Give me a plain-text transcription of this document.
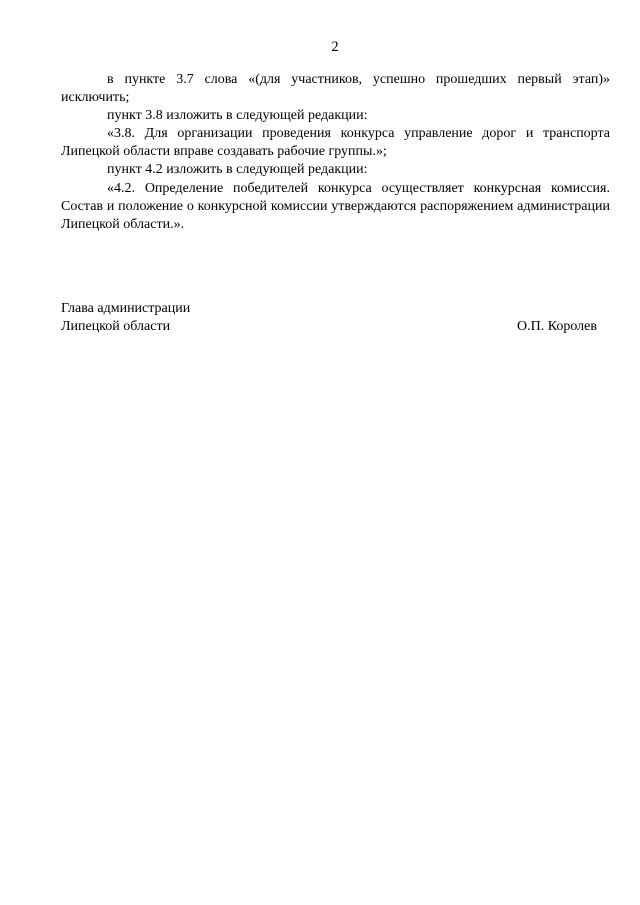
2

в пункте 3.7 слова «(для участников, успешно прошедших первый этап)» исключить;

пункт 3.8 изложить в следующей редакции:

«3.8. Для организации проведения конкурса управление дорог и транспорта Липецкой области вправе создавать рабочие группы.»;

пункт 4.2 изложить в следующей редакции:

«4.2. Определение победителей конкурса осуществляет конкурсная комиссия. Состав и положение о конкурсной комиссии утверждаются распоряжением администрации Липецкой области.».

Глава администрации
Липецкой области	О.П. Королев
